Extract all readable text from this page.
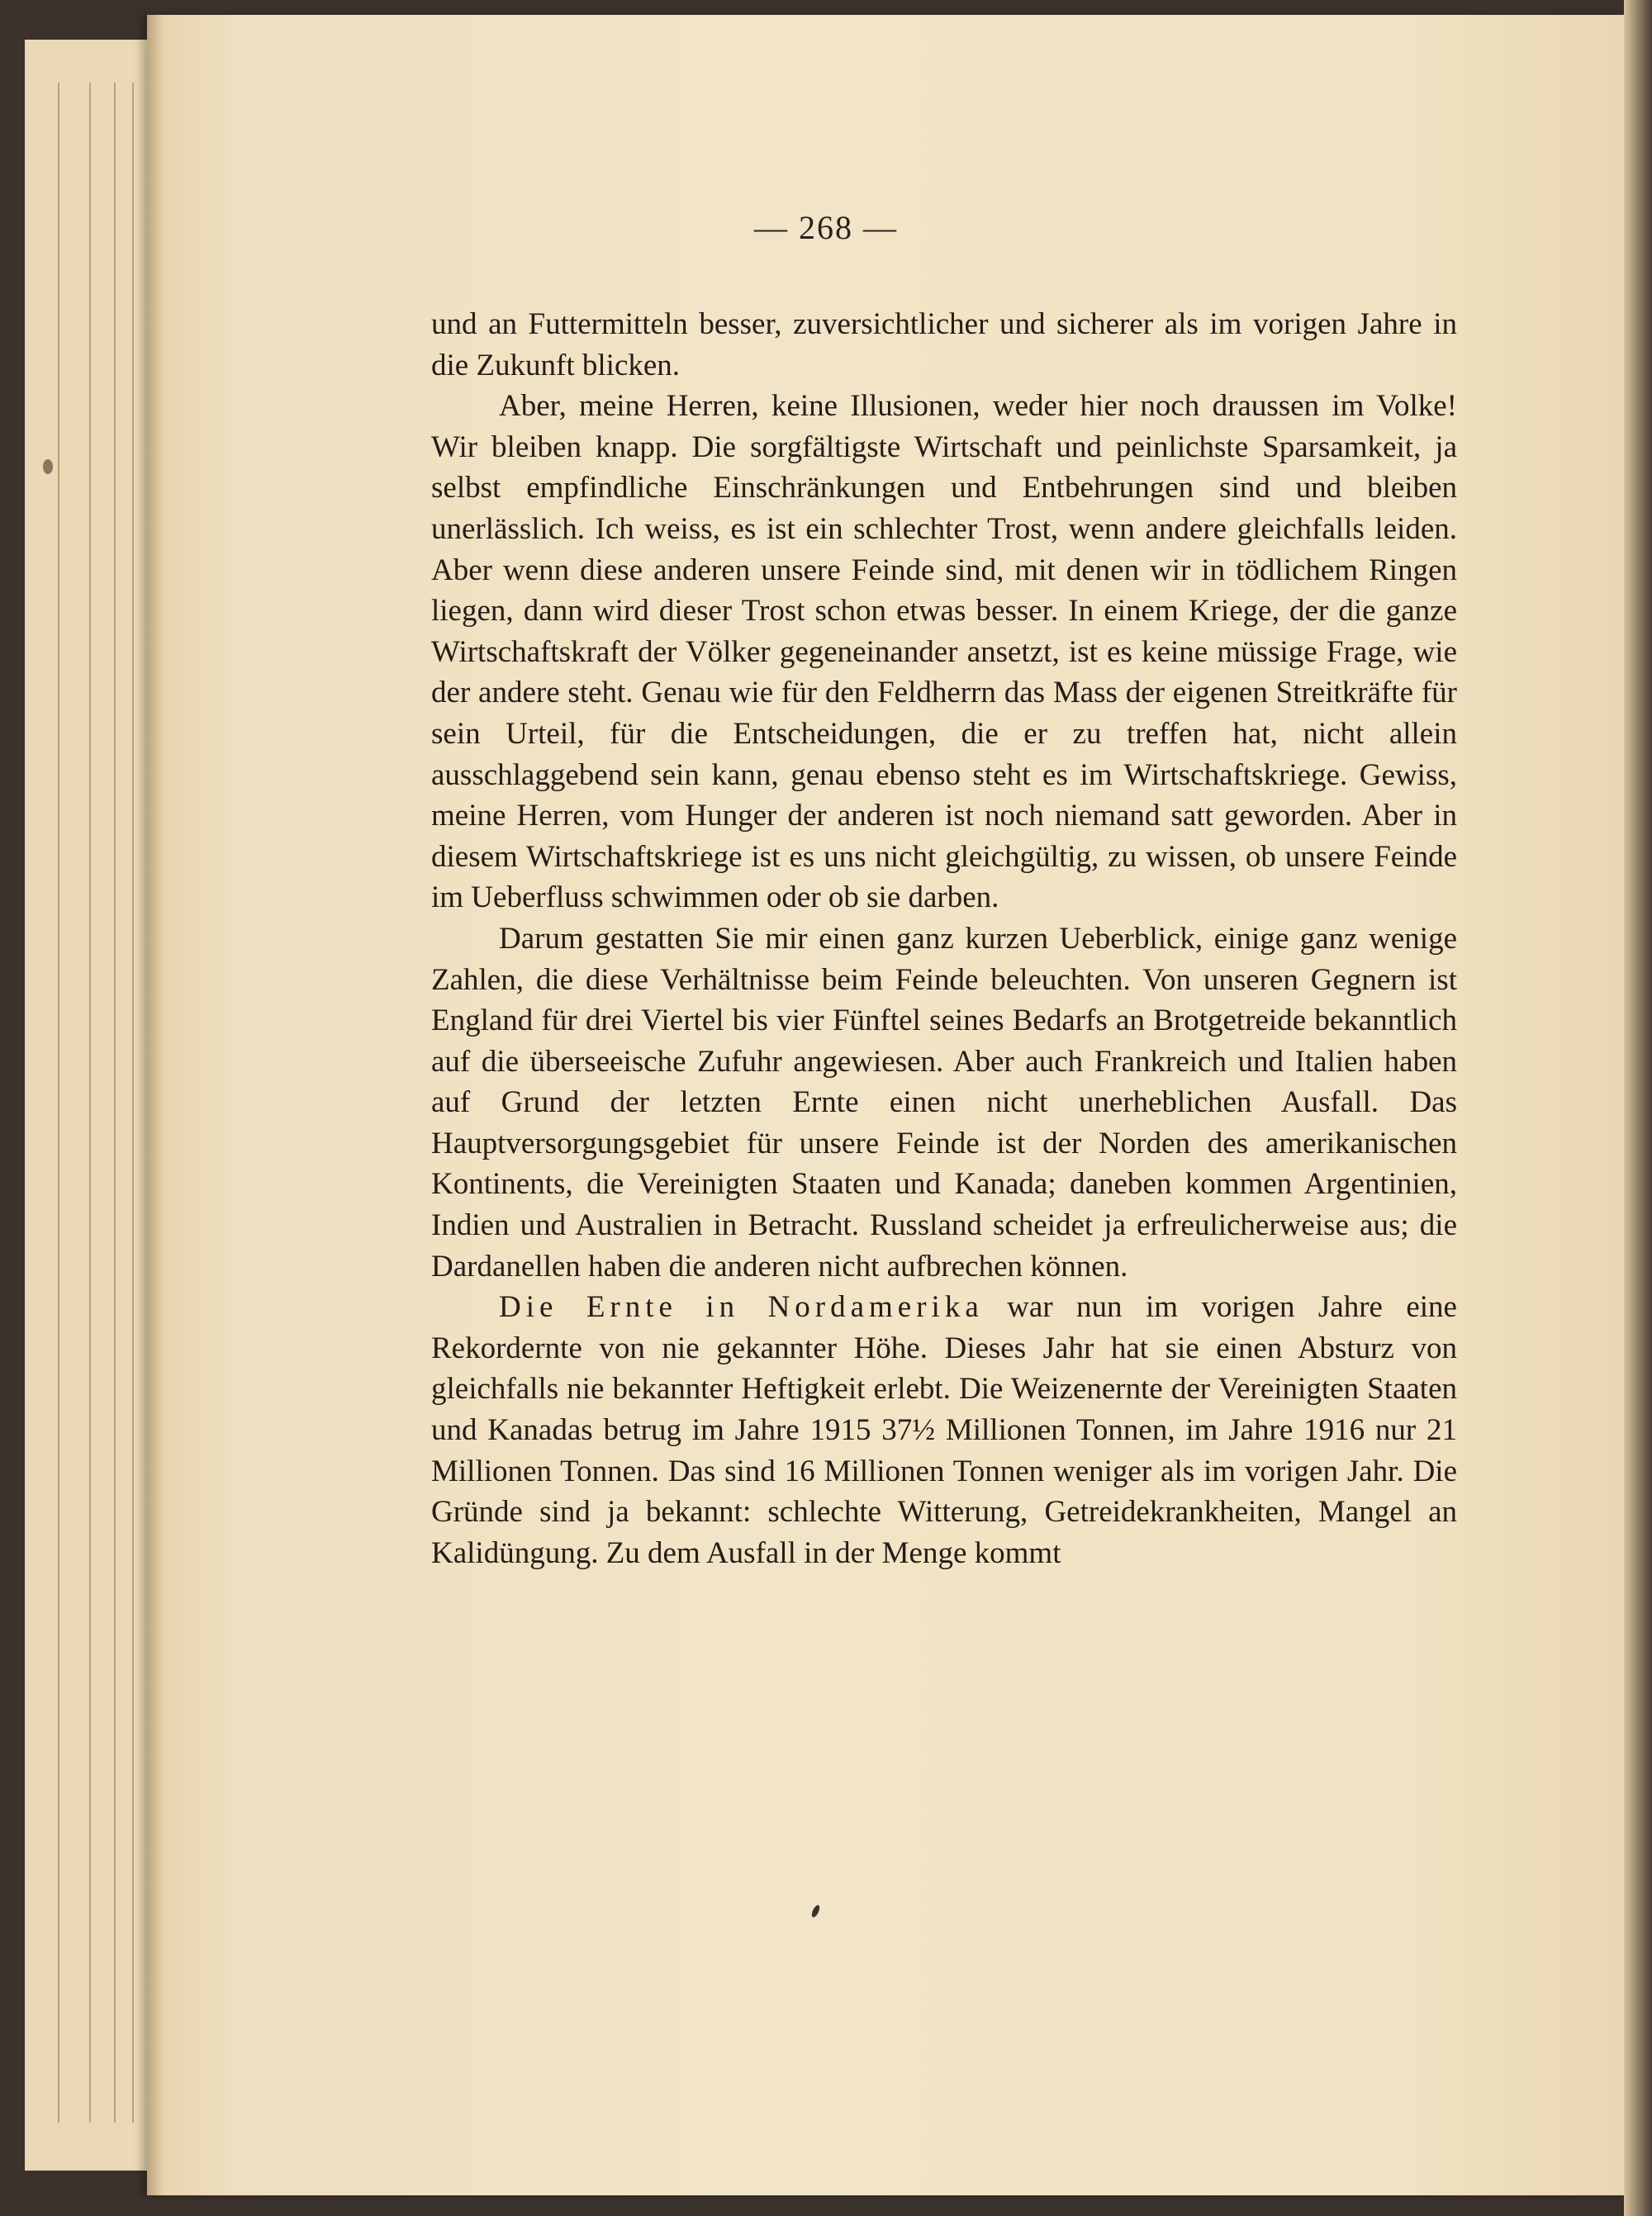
— 268 —

und an Futtermitteln besser, zuversichtlicher und sicherer als im vorigen Jahre in die Zukunft blicken.

Aber, meine Herren, keine Illusionen, weder hier noch draussen im Volke! Wir bleiben knapp. Die sorgfältigste Wirtschaft und peinlichste Sparsamkeit, ja selbst empfindliche Einschränkungen und Entbehrungen sind und bleiben unerlässlich. Ich weiss, es ist ein schlechter Trost, wenn andere gleichfalls leiden. Aber wenn diese anderen unsere Feinde sind, mit denen wir in tödlichem Ringen liegen, dann wird dieser Trost schon etwas besser. In einem Kriege, der die ganze Wirtschaftskraft der Völker gegeneinander ansetzt, ist es keine müssige Frage, wie der andere steht. Genau wie für den Feldherrn das Mass der eigenen Streitkräfte für sein Urteil, für die Entscheidungen, die er zu treffen hat, nicht allein ausschlaggebend sein kann, genau ebenso steht es im Wirtschaftskriege. Gewiss, meine Herren, vom Hunger der anderen ist noch niemand satt geworden. Aber in diesem Wirtschaftskriege ist es uns nicht gleichgültig, zu wissen, ob unsere Feinde im Ueberfluss schwimmen oder ob sie darben.

Darum gestatten Sie mir einen ganz kurzen Ueberblick, einige ganz wenige Zahlen, die diese Verhältnisse beim Feinde beleuchten. Von unseren Gegnern ist England für drei Viertel bis vier Fünftel seines Bedarfs an Brotgetreide bekanntlich auf die überseeische Zufuhr angewiesen. Aber auch Frankreich und Italien haben auf Grund der letzten Ernte einen nicht unerheblichen Ausfall. Das Hauptversorgungsgebiet für unsere Feinde ist der Norden des amerikanischen Kontinents, die Vereinigten Staaten und Kanada; daneben kommen Argentinien, Indien und Australien in Betracht. Russland scheidet ja erfreulicherweise aus; die Dardanellen haben die anderen nicht aufbrechen können.

Die Ernte in Nordamerika war nun im vorigen Jahre eine Rekordernte von nie gekannter Höhe. Dieses Jahr hat sie einen Absturz von gleichfalls nie bekannter Heftigkeit erlebt. Die Weizenernte der Vereinigten Staaten und Kanadas betrug im Jahre 1915 37½ Millionen Tonnen, im Jahre 1916 nur 21 Millionen Tonnen. Das sind 16 Millionen Tonnen weniger als im vorigen Jahr. Die Gründe sind ja bekannt: schlechte Witterung, Getreidekrankheiten, Mangel an Kalidüngung. Zu dem Ausfall in der Menge kommt
